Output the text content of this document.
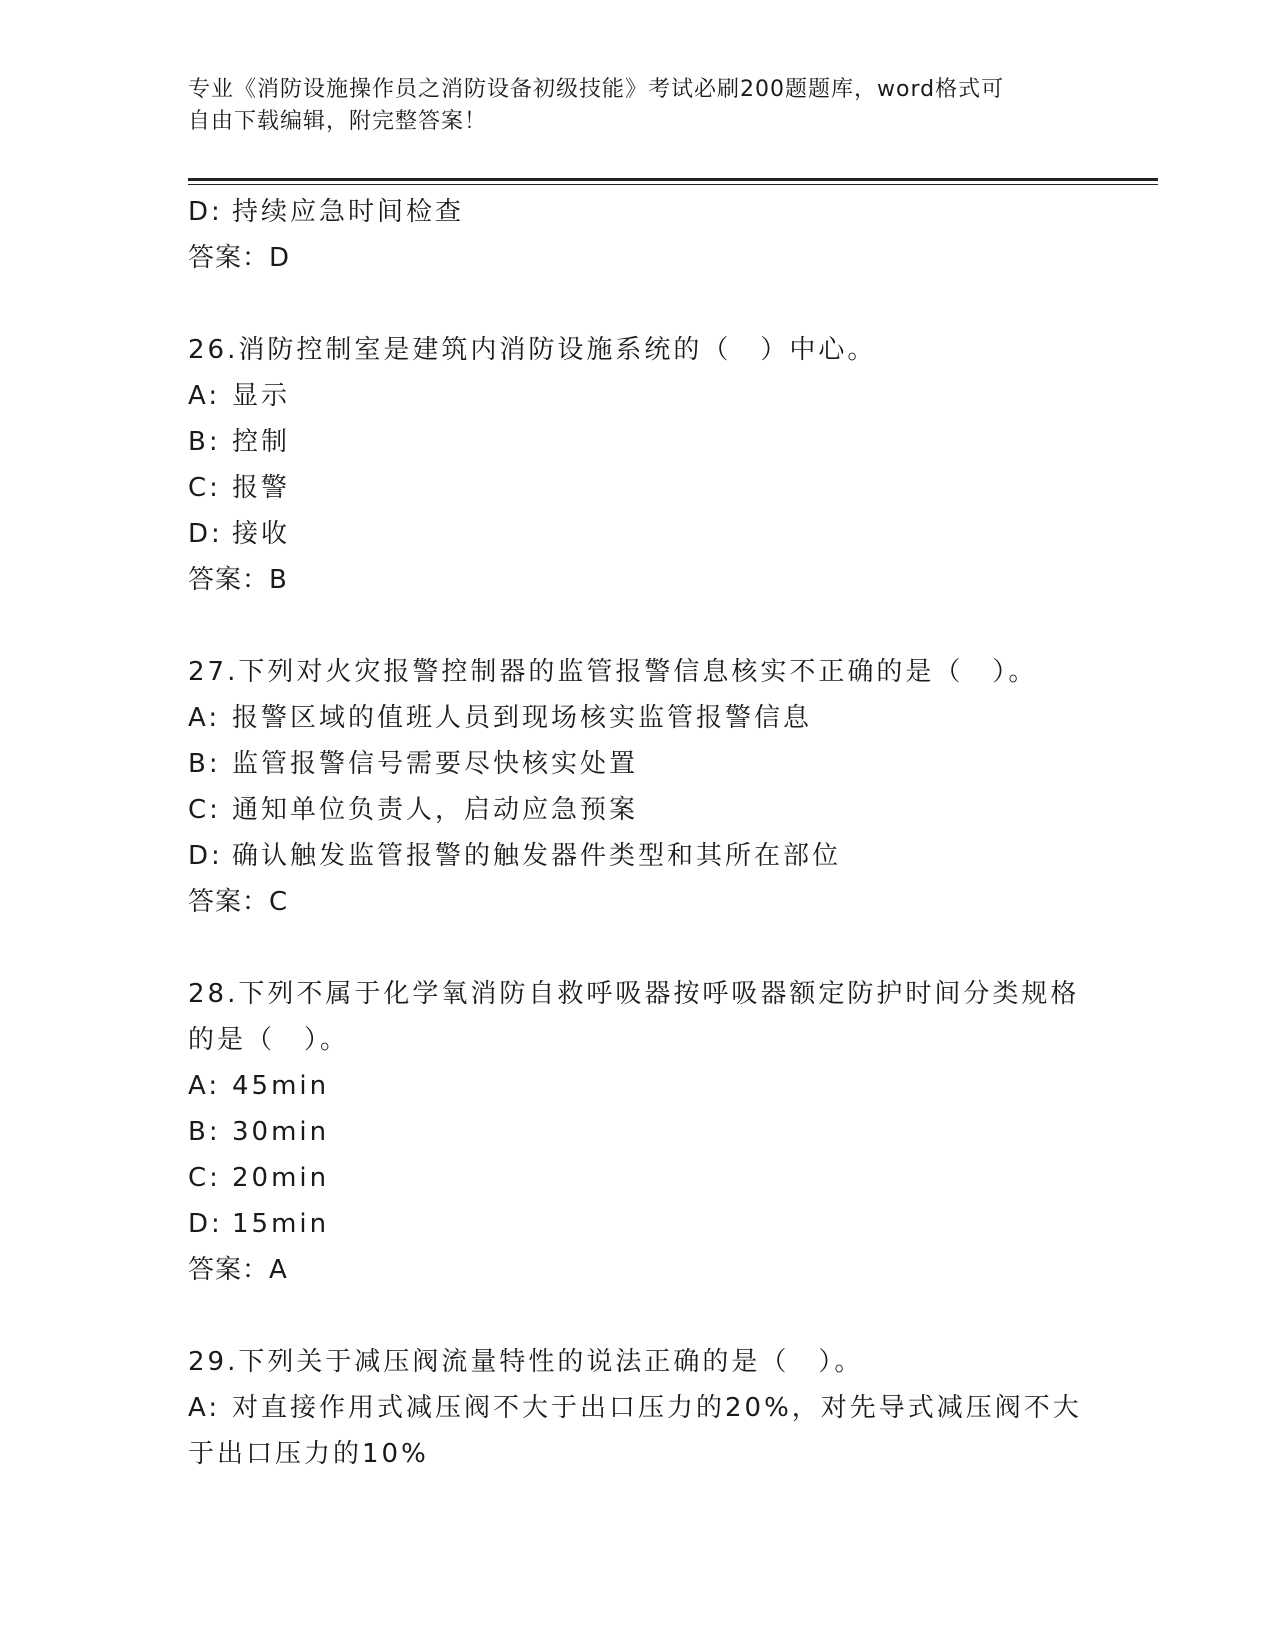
专业《消防设施操作员之消防设备初级技能》考试必刷200题题库，word格式可
自由下载编辑，附完整答案！
D: 持续应急时间检查
答案：D
26.消防控制室是建筑内消防设施系统的（　）中心。
A: 显示
B: 控制
C: 报警
D: 接收
答案：B
27.下列对火灾报警控制器的监管报警信息核实不正确的是（　）。
A: 报警区域的值班人员到现场核实监管报警信息
B: 监管报警信号需要尽快核实处置
C: 通知单位负责人，启动应急预案
D: 确认触发监管报警的触发器件类型和其所在部位
答案：C
28.下列不属于化学氧消防自救呼吸器按呼吸器额定防护时间分类规格
的是（　）。
A: 45min
B: 30min
C: 20min
D: 15min
答案：A
29.下列关于减压阀流量特性的说法正确的是（　）。
A: 对直接作用式减压阀不大于出口压力的20%，对先导式减压阀不大
于出口压力的10%
